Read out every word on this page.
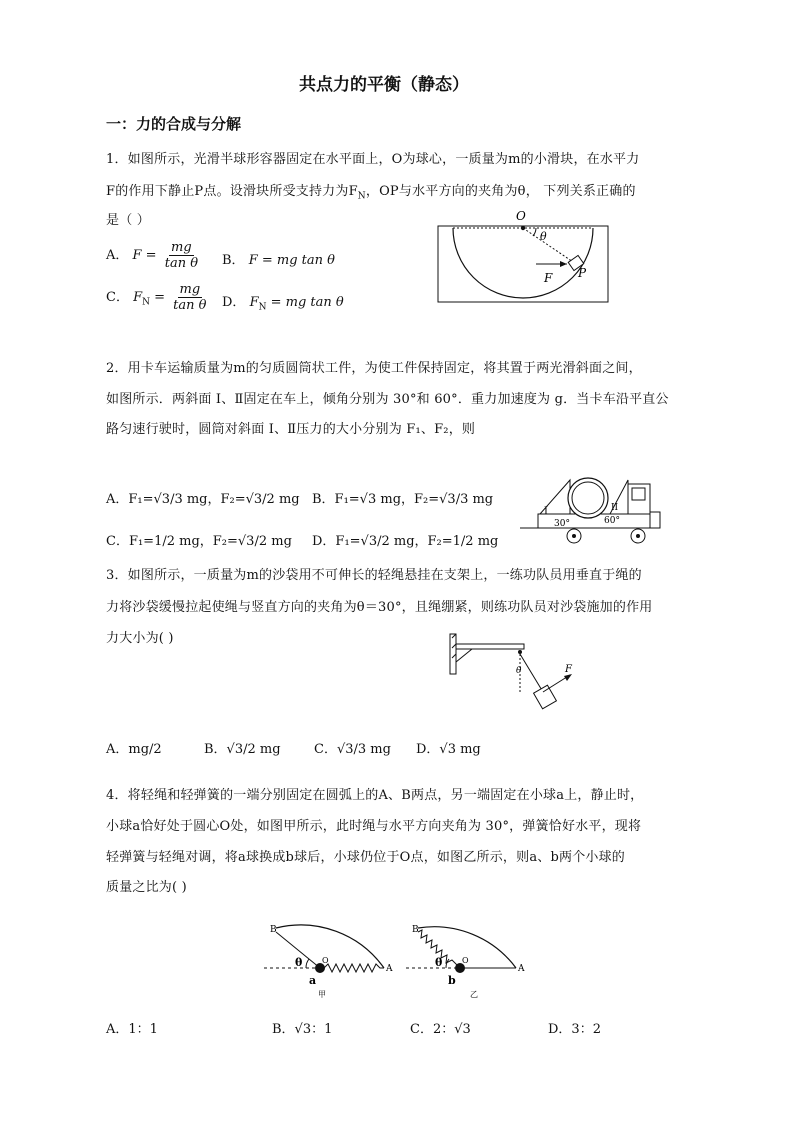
共点力的平衡（静态）
一：力的合成与分解
1．如图所示，光滑半球形容器固定在水平面上，O为球心，一质量为m的小滑块，在水平力
F的作用下静止P点。设滑块所受支持力为$F_N$，OP与水平方向的夹角为θ， 下列关系正确的
是（ ）
A． $F = \frac{mg}{\text{tan θ}}$ B． F = mg tan θ
C． $F_N = \frac{mg}{\text{tan θ}}$ D． $F_N$ = mg tan θ
O
θ
F P
2．用卡车运输质量为m的匀质圆筒状工件，为使工件保持固定，将其置于两光滑斜面之间，
如图所示．两斜面 I、Ⅱ固定在车上，倾角分别为 30°和 60°．重力加速度为 g．当卡车沿平直公
路匀速行驶时，圆筒对斜面 I、Ⅱ压力的大小分别为 F₁、F₂，则
A．F₁=√3/3 mg，F₂=√3/2 mg B．F₁=√3 mg，F₂=√3/3 mg
C．F₁=1/2 mg，F₂=√3/2 mg D．F₁=√3/2 mg，F₂=1/2 mg
I
30°
II
60°
3．如图所示，一质量为m的沙袋用不可伸长的轻绳悬挂在支架上，一练功队员用垂直于绳的
力将沙袋缓慢拉起使绳与竖直方向的夹角为θ＝30°，且绳绷紧，则练功队员对沙袋施加的作用
力大小为( )
F
θ
A．mg/2	B．√3/2 mg	C．√3/3 mg D．√3 mg
4．将轻绳和轻弹簧的一端分别固定在圆弧上的A、B两点，另一端固定在小球a上，静止时，
小球a恰好处于圆心O处，如图甲所示，此时绳与水平方向夹角为 30°，弹簧恰好水平，现将
轻弹簧与轻绳对调，将a球换成b球后，小球仍位于O点，如图乙所示，则a、b两个小球的
质量之比为( )
B
A
O
θ
a
甲
B
A
O
θ
b
乙
A．1：1	B．√3：1	C．2：√3	D．3：2
